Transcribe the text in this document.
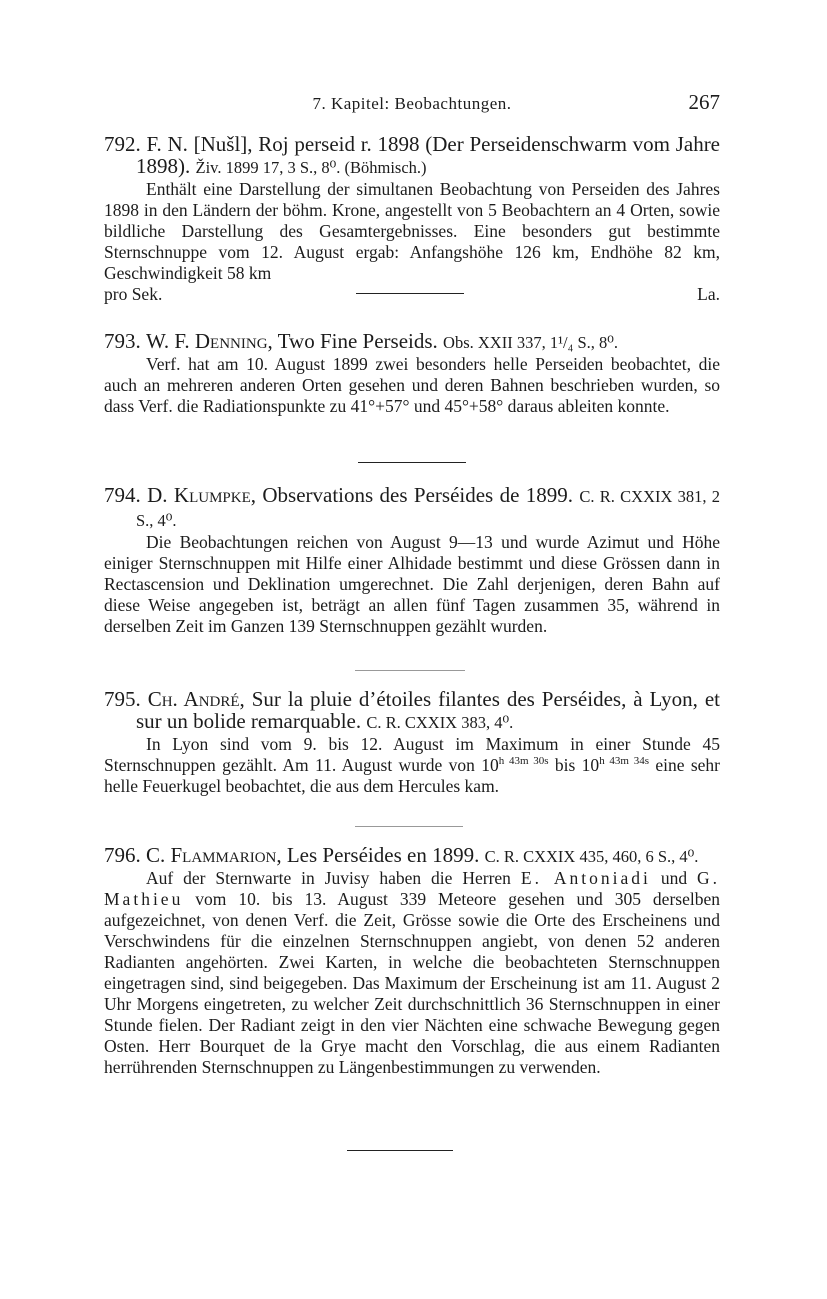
7. Kapitel: Beobachtungen.	267

792. F. N. [Nušl], Roj perseid r. 1898 (Der Perseidenschwarm vom Jahre 1898). Živ. 1899 17, 3 S., 8⁰. (Böhmisch.)

Enthält eine Darstellung der simultanen Beobachtung von Perseiden des Jahres 1898 in den Ländern der böhm. Krone, angestellt von 5 Beobachtern an 4 Orten, sowie bildliche Darstellung des Gesamtergebnisses. Eine besonders gut bestimmte Sternschnuppe vom 12. August ergab: Anfangshöhe 126 km, Endhöhe 82 km, Geschwindigkeit 58 km

pro Sek.	La.

793. W. F. Denning, Two Fine Perseids. Obs. XXII 337, 1¹/₄ S., 8⁰.

Verf. hat am 10. August 1899 zwei besonders helle Perseiden beobachtet, die auch an mehreren anderen Orten gesehen und deren Bahnen beschrieben wurden, so dass Verf. die Radiationspunkte zu 41°+57° und 45°+58° daraus ableiten konnte.

794. D. Klumpke, Observations des Perséides de 1899. C. R. CXXIX 381, 2 S., 4⁰.

Die Beobachtungen reichen von August 9—13 und wurde Azimut und Höhe einiger Sternschnuppen mit Hilfe einer Alhidade bestimmt und diese Grössen dann in Rectascension und Deklination umgerechnet. Die Zahl derjenigen, deren Bahn auf diese Weise angegeben ist, beträgt an allen fünf Tagen zusammen 35, während in derselben Zeit im Ganzen 139 Sternschnuppen gezählt wurden.

795. Ch. André, Sur la pluie d’étoiles filantes des Perséides, à Lyon, et sur un bolide remarquable. C. R. CXXIX 383, 4⁰.

In Lyon sind vom 9. bis 12. August im Maximum in einer Stunde 45 Sternschnuppen gezählt. Am 11. August wurde von $10^{h 43m 30s}$ bis $10^{h 43m 34s}$ eine sehr helle Feuerkugel beobachtet, die aus dem Hercules kam.

796. C. Flammarion, Les Perséides en 1899. C. R. CXXIX 435, 460, 6 S., 4⁰.

Auf der Sternwarte in Juvisy haben die Herren E. Antoniadi und G. Mathieu vom 10. bis 13. August 339 Meteore gesehen und 305 derselben aufgezeichnet, von denen Verf. die Zeit, Grösse sowie die Orte des Erscheinens und Verschwindens für die einzelnen Sternschnuppen angiebt, von denen 52 anderen Radianten angehörten. Zwei Karten, in welche die beobachteten Sternschnuppen eingetragen sind, sind beigegeben. Das Maximum der Erscheinung ist am 11. August 2 Uhr Morgens eingetreten, zu welcher Zeit durchschnittlich 36 Sternschnuppen in einer Stunde fielen. Der Radiant zeigt in den vier Nächten eine schwache Bewegung gegen Osten. Herr Bourquet de la Grye macht den Vorschlag, die aus einem Radianten herrührenden Sternschnuppen zu Längenbestimmungen zu verwenden.
